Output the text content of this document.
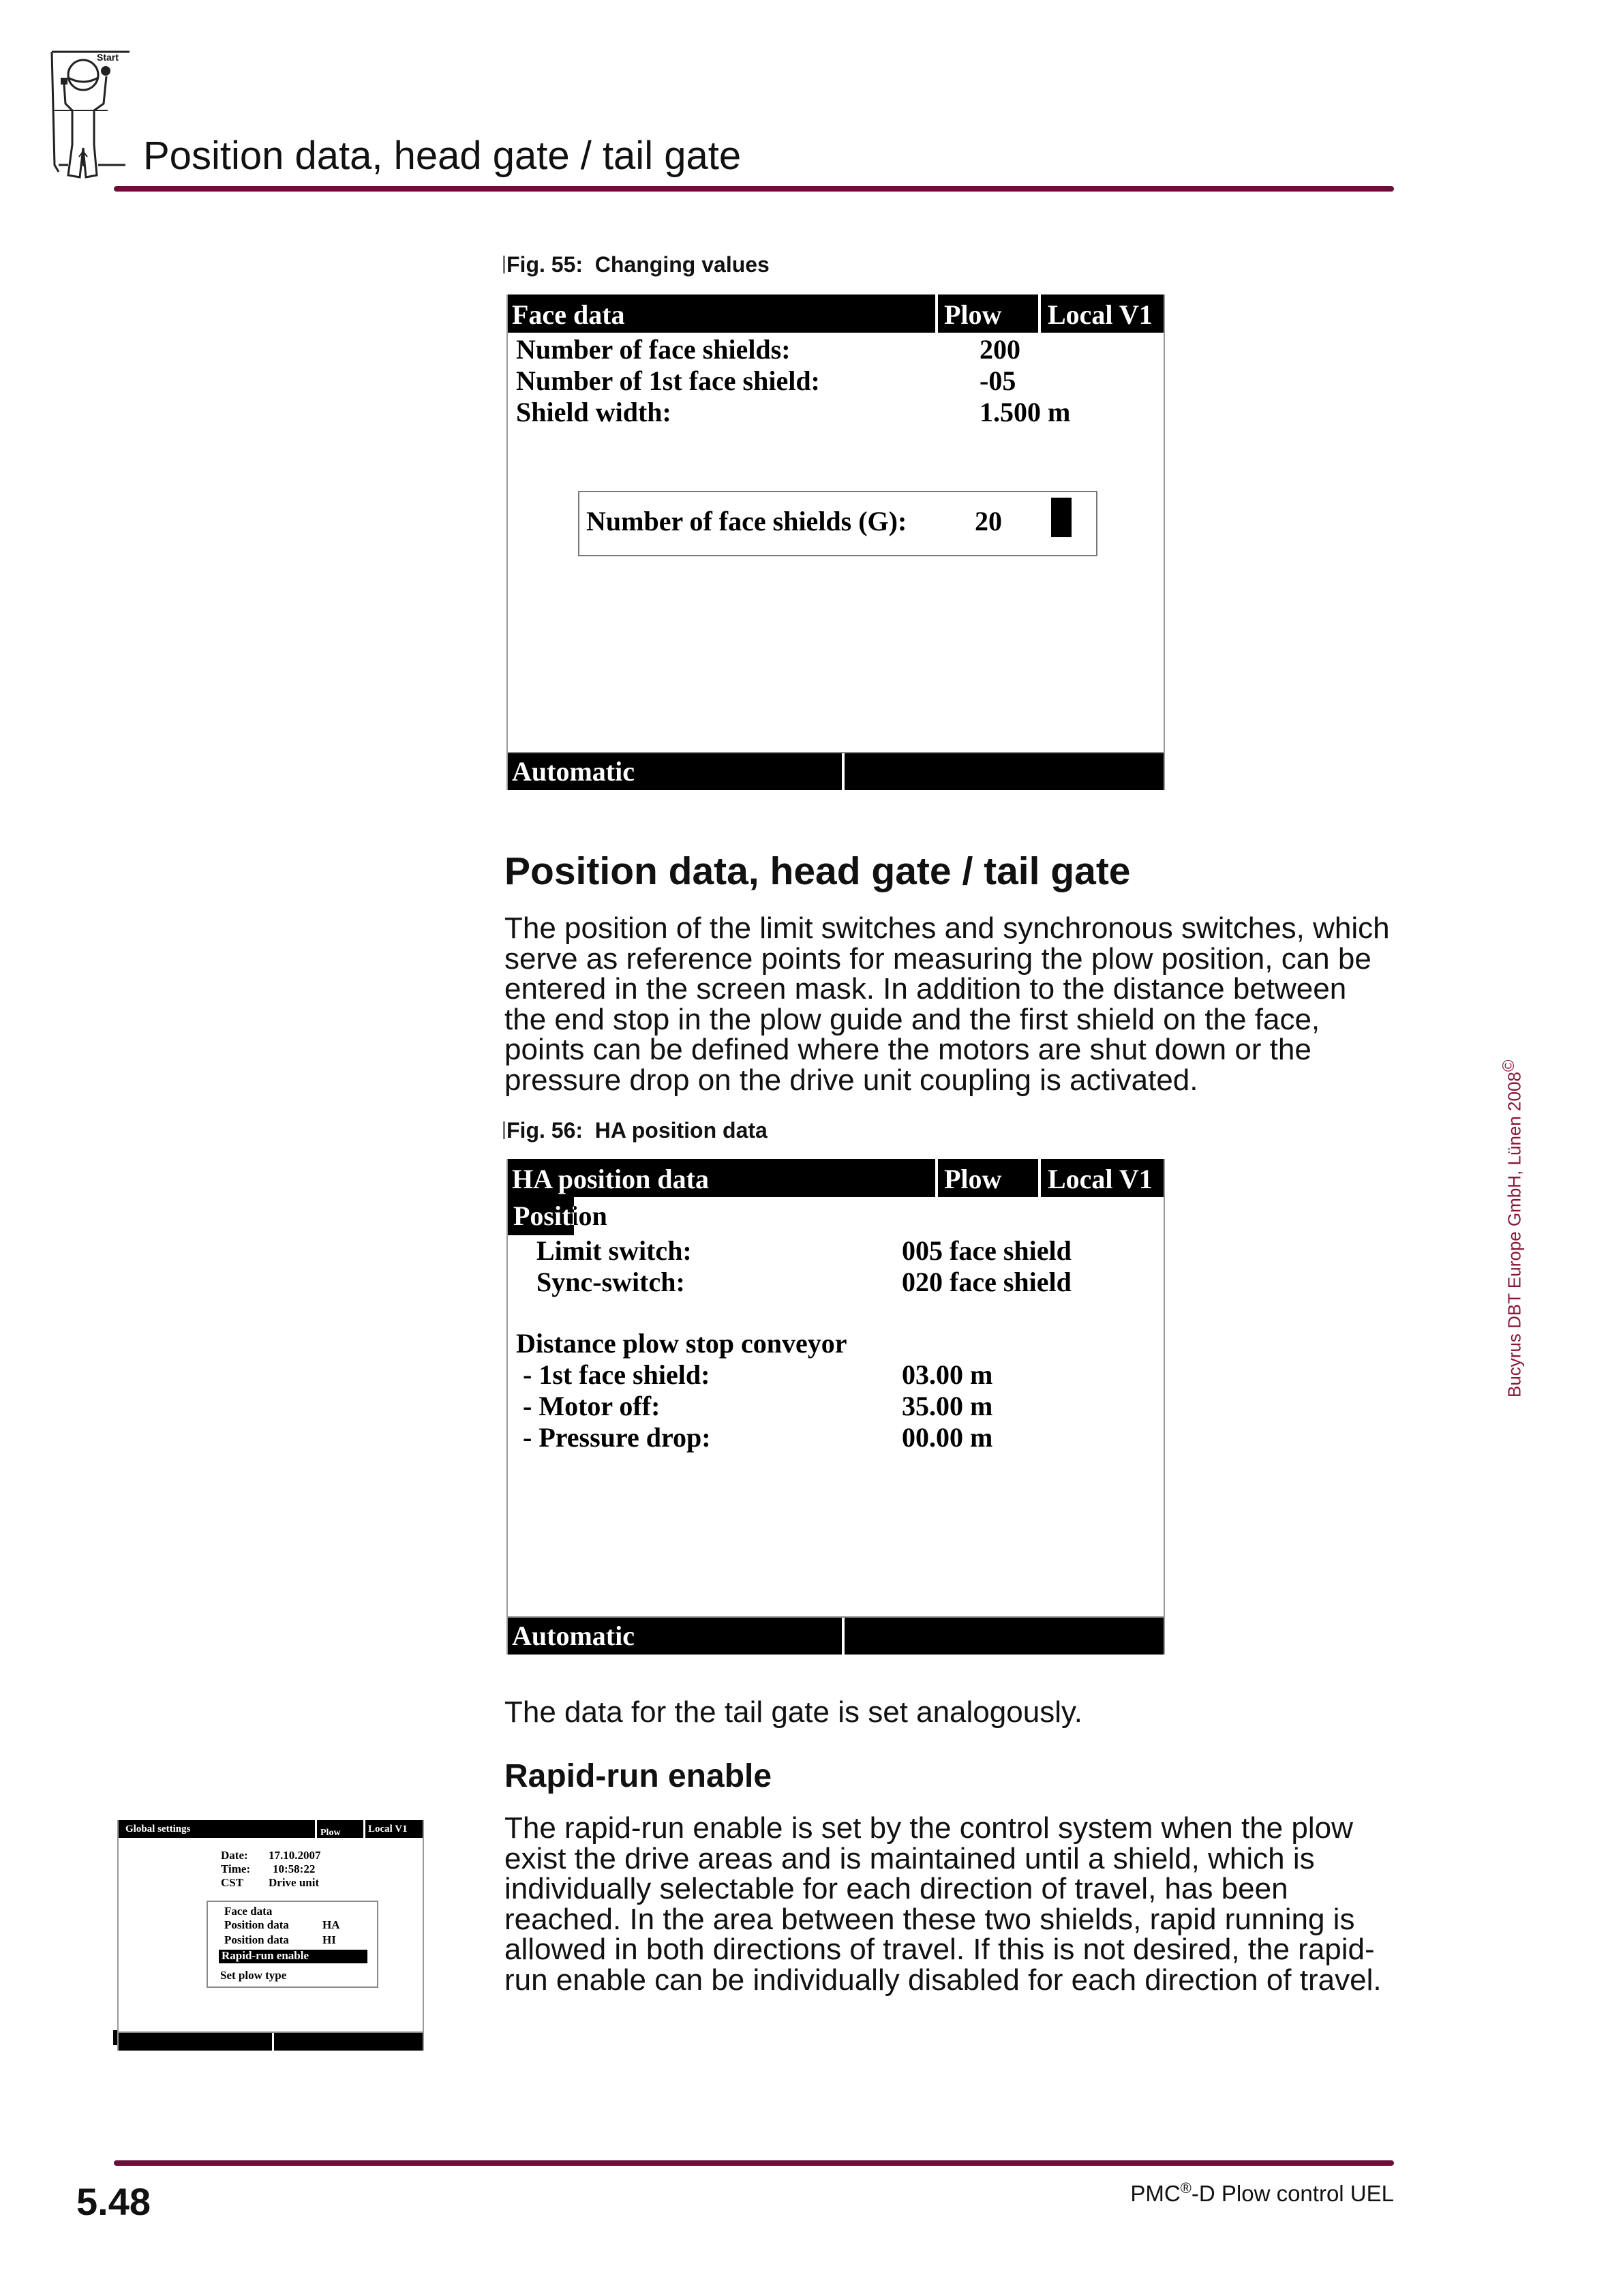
Start
Position data, head gate / tail gate
Fig. 55: Changing values
Face data	Plow	Local V1
Number of face shields:	200
Number of 1st face shield:	-05
Shield width:	1.500 m
Number of face shields (G): 20
Automatic
Position data, head gate / tail gate
The position of the limit switches and synchronous switches, which serve as reference points for measuring the plow position, can be entered in the screen mask. In addition to the distance between the end stop in the plow guide and the first shield on the face, points can be defined where the motors are shut down or the pressure drop on the drive unit coupling is activated.
Fig. 56: HA position data
HA position data	Plow	Local V1
Position
Limit switch:	005 face shield
Sync-switch:	020 face shield
Distance plow stop conveyor
- 1st face shield:	03.00 m
- Motor off:	35.00 m
- Pressure drop:	00.00 m
Automatic
The data for the tail gate is set analogously.
Rapid-run enable
The rapid-run enable is set by the control system when the plow exist the drive areas and is maintained until a shield, which is individually selectable for each direction of travel, has been reached. In the area between these two shields, rapid running is allowed in both directions of travel. If this is not desired, the rapid-run enable can be individually disabled for each direction of travel.
Global settings	Plow	Local V1
Date: 17.10.2007
Time: 10:58:22
CST Drive unit
Face data
Position data	HA
Position data	HI
Rapid-run enable
Set plow type
Bucyrus DBT Europe GmbH, Lünen 2008©
5.48	PMC®-D Plow control UEL
